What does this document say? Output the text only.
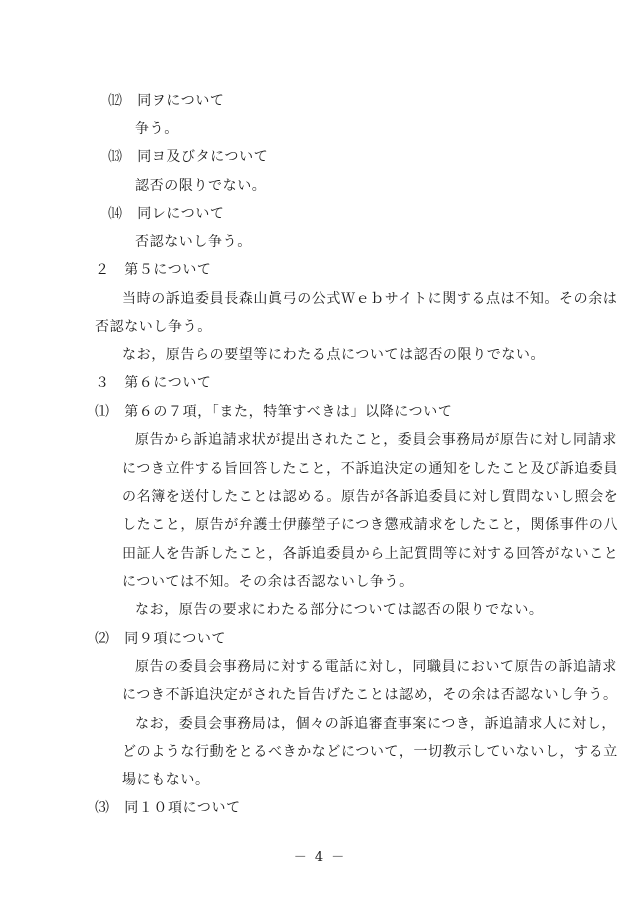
⑿　同ヲについて
争う。
⒀　同ヨ及びタについて
認否の限りでない。
⒁　同レについて
否認ないし争う。
２　第５について
当時の訴追委員長森山眞弓の公式Ｗｅｂサイトに関する点は不知。その余は
否認ないし争う。
なお，原告らの要望等にわたる点については認否の限りでない。
３　第６について
⑴　第６の７項，「また，特筆すべきは」以降について
原告から訴追請求状が提出されたこと，委員会事務局が原告に対し同請求
につき立件する旨回答したこと，不訴追決定の通知をしたこと及び訴追委員
の名簿を送付したことは認める。原告が各訴追委員に対し質問ないし照会を
したこと，原告が弁護士伊藤塋子につき懲戒請求をしたこと，関係事件の八
田証人を告訴したこと，各訴追委員から上記質問等に対する回答がないこと
については不知。その余は否認ないし争う。
なお，原告の要求にわたる部分については認否の限りでない。
⑵　同９項について
原告の委員会事務局に対する電話に対し，同職員において原告の訴追請求
につき不訴追決定がされた旨告げたことは認め，その余は否認ないし争う。
なお，委員会事務局は，個々の訴追審査事案につき，訴追請求人に対し，
どのような行動をとるべきかなどについて，一切教示していないし，する立
場にもない。
⑶　同１０項について
－ 4 －
